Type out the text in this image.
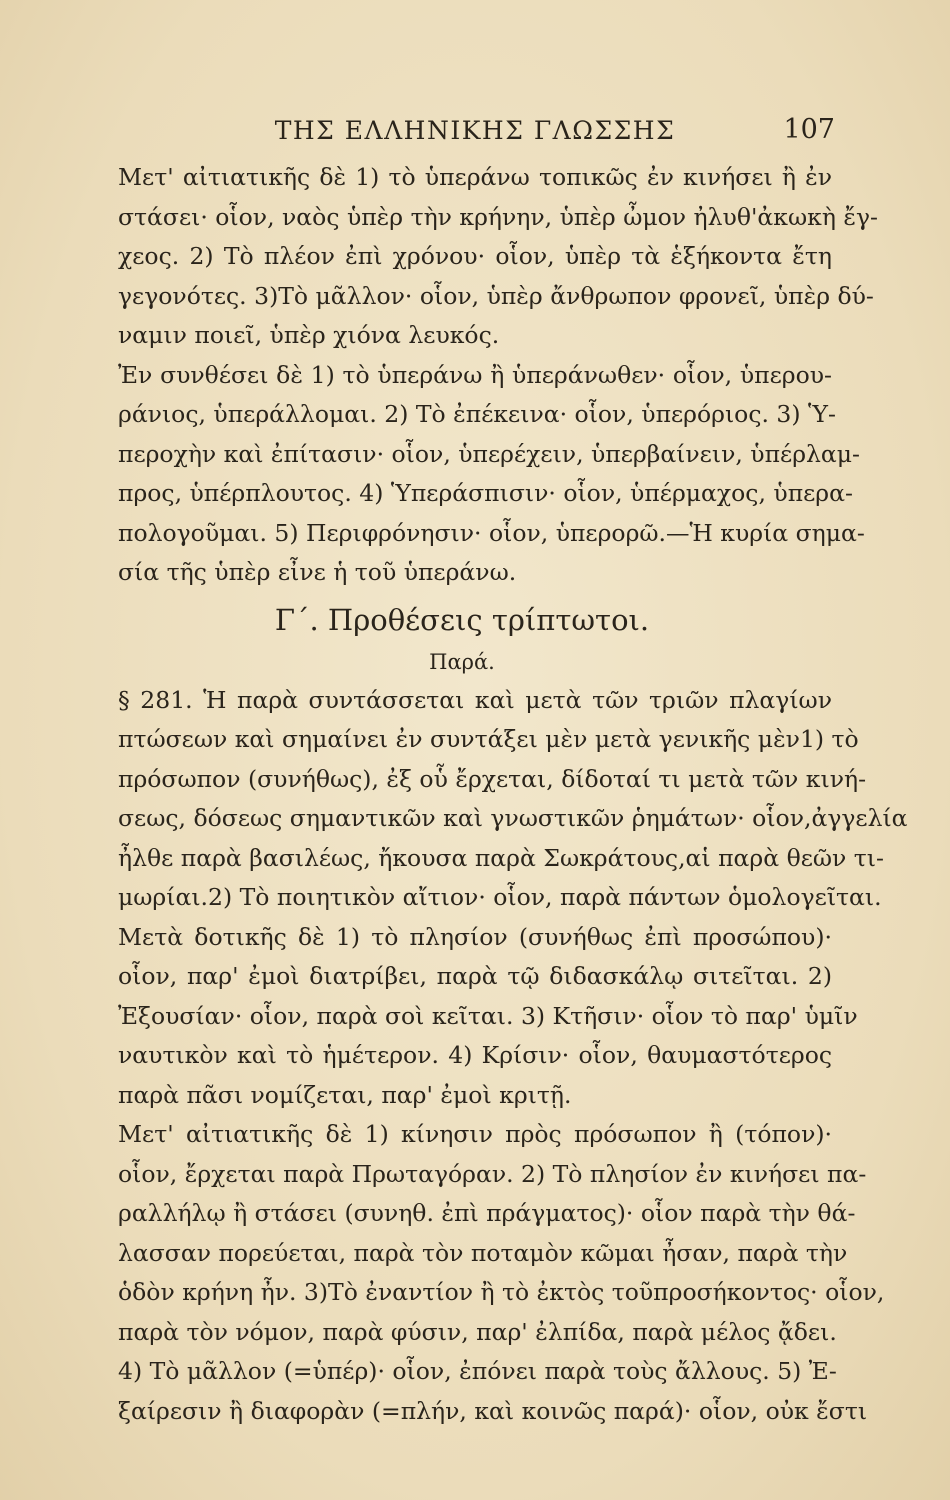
ΤΗΣ ΕΛΛΗΝΙΚΗΣ ΓΛΩΣΣΗΣ	107
Μετ' αἰτιατικῆς δὲ 1) τὸ ὑπεράνω τοπικῶς ἐν κινήσει ἢ ἐν
στάσει· οἷον, ναὸς ὑπὲρ τὴν κρήνην, ὑπὲρ ὦμον ἠλυθ'ἀκωκὴ ἔγ-
χεος. 2) Τὸ πλέον ἐπὶ χρόνου· οἷον, ὑπὲρ τὰ ἑξήκοντα ἔτη
γεγονότες. 3)Τὸ μᾶλλον· οἷον, ὑπὲρ ἄνθρωπον φρονεῖ, ὑπὲρ δύ-
ναμιν ποιεῖ, ὑπὲρ χιόνα λευκός.
Ἐν συνθέσει δὲ 1) τὸ ὑπεράνω ἢ ὑπεράνωθεν· οἷον, ὑπερου-
ράνιος, ὑπεράλλομαι. 2) Τὸ ἐπέκεινα· οἷον, ὑπερόριος. 3) Ὑ-
περοχὴν καὶ ἐπίτασιν· οἷον, ὑπερέχειν, ὑπερβαίνειν, ὑπέρλαμ-
προς, ὑπέρπλουτος. 4) Ὑπεράσπισιν· οἷον, ὑπέρμαχος, ὑπερα-
πολογοῦμαι. 5) Περιφρόνησιν· οἷον, ὑπερορῶ.—Ἡ κυρία σημα-
σία τῆς ὑπὲρ εἶνε ἡ τοῦ ὑπεράνω.
Γ΄. Προθέσεις τρίπτωτοι.
Παρά.
§ 281. Ἡ παρὰ συντάσσεται καὶ μετὰ τῶν τριῶν πλαγίων
πτώσεων καὶ σημαίνει ἐν συντάξει μὲν μετὰ γενικῆς μὲν1) τὸ
πρόσωπον (συνήθως), ἐξ οὗ ἔρχεται, δίδοταί τι μετὰ τῶν κινή-
σεως, δόσεως σημαντικῶν καὶ γνωστικῶν ῥημάτων· οἷον,ἀγγελία
ἦλθε παρὰ βασιλέως, ἤκουσα παρὰ Σωκράτους,αἱ παρὰ θεῶν τι-
μωρίαι.2) Τὸ ποιητικὸν αἴτιον· οἷον, παρὰ πάντων ὁμολογεῖται.
Μετὰ δοτικῆς δὲ 1) τὸ πλησίον (συνήθως ἐπὶ προσώπου)·
οἷον, παρ' ἐμοὶ διατρίβει, παρὰ τῷ διδασκάλῳ σιτεῖται. 2)
Ἐξουσίαν· οἷον, παρὰ σοὶ κεῖται. 3) Κτῆσιν· οἷον τὸ παρ' ὑμῖν
ναυτικὸν καὶ τὸ ἡμέτερον. 4) Κρίσιν· οἷον, θαυμαστότερος
παρὰ πᾶσι νομίζεται, παρ' ἐμοὶ κριτῇ.
Μετ' αἰτιατικῆς δὲ 1) κίνησιν πρὸς πρόσωπον ἢ (τόπον)·
οἷον, ἔρχεται παρὰ Πρωταγόραν. 2) Τὸ πλησίον ἐν κινήσει πα-
ραλλήλῳ ἢ στάσει (συνηθ. ἐπὶ πράγματος)· οἷον παρὰ τὴν θά-
λασσαν πορεύεται, παρὰ τὸν ποταμὸν κῶμαι ἦσαν, παρὰ τὴν
ὁδὸν κρήνη ἦν. 3)Τὸ ἐναντίον ἢ τὸ ἐκτὸς τοῦπροσήκοντος· οἷον,
παρὰ τὸν νόμον, παρὰ φύσιν, παρ' ἐλπίδα, παρὰ μέλος ᾄδει.
4) Τὸ μᾶλλον (=ὑπέρ)· οἷον, ἐπόνει παρὰ τοὺς ἄλλους. 5) Ἐ-
ξαίρεσιν ἢ διαφορὰν (=πλήν, καὶ κοινῶς παρά)· οἷον, οὐκ ἔστι
